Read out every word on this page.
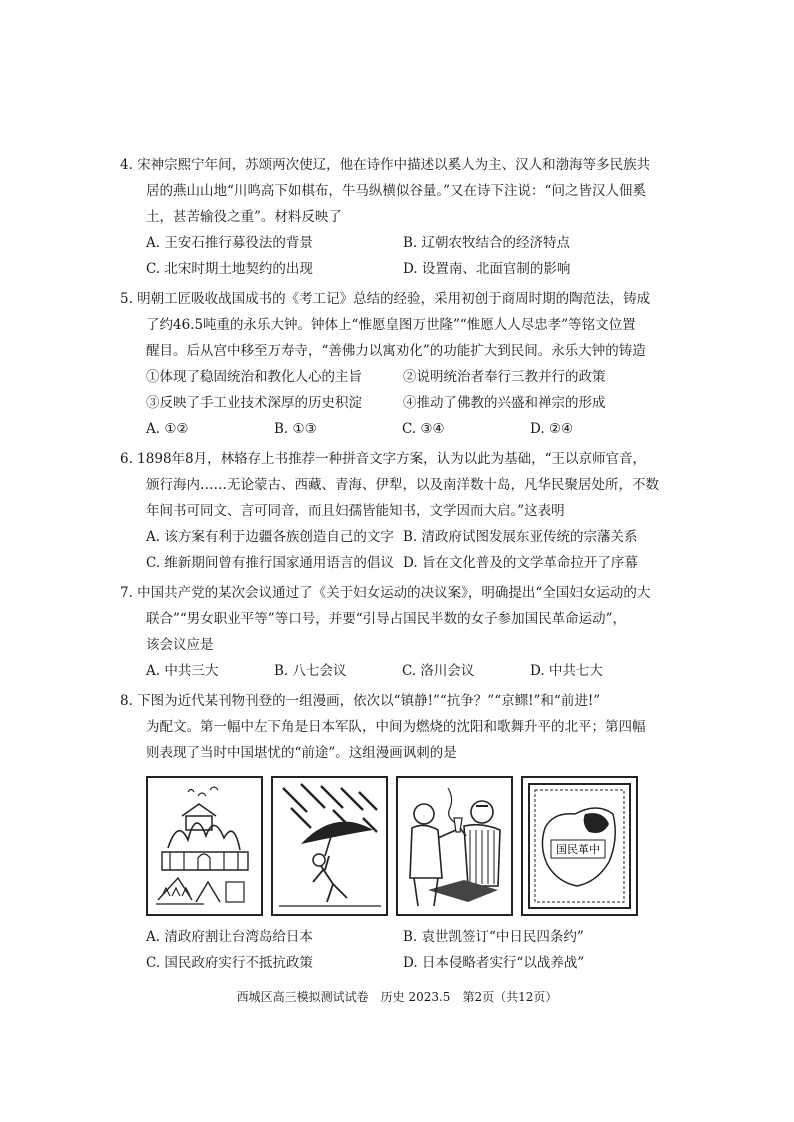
4. 宋神宗熙宁年间，苏颂两次使辽，他在诗作中描述以奚人为主、汉人和渤海等多民族共
居的燕山山地“川鸣高下如棋布，牛马纵横似谷量。”又在诗下注说：“问之皆汉人佃奚
土，甚苦输役之重”。材料反映了
A. 王安石推行募役法的背景	B. 辽朝农牧结合的经济特点
C. 北宋时期土地契约的出现	D. 设置南、北面官制的影响
5. 明朝工匠吸收战国成书的《考工记》总结的经验，采用初创于商周时期的陶范法，铸成
了约46.5吨重的永乐大钟。钟体上“惟愿皇图万世隆”“惟愿人人尽忠孝”等铭文位置
醒目。后从宫中移至万寿寺，“善佛力以寓劝化”的功能扩大到民间。永乐大钟的铸造
①体现了稳固统治和教化人心的主旨	②说明统治者奉行三教并行的政策
③反映了手工业技术深厚的历史积淀	④推动了佛教的兴盛和禅宗的形成
A. ①②	B. ①③	C. ③④	D. ②④
6. 1898年8月，林辂存上书推荐一种拼音文字方案，认为以此为基础，“王以京师官音，
颁行海内……无论蒙古、西藏、青海、伊犁，以及南洋数十岛，凡华民聚居处所，不数
年间书可同文、言可同音，而且妇孺皆能知书，文学因而大启。”这表明
A. 该方案有利于边疆各族创造自己的文字 B. 清政府试图发展东亚传统的宗藩关系
C. 维新期间曾有推行国家通用语言的倡议 D. 旨在文化普及的文学革命拉开了序幕
7. 中国共产党的某次会议通过了《关于妇女运动的决议案》，明确提出“全国妇女运动的大
联合”“男女职业平等”等口号，并要“引导占国民半数的女子参加国民革命运动”，
该会议应是
A. 中共三大	B. 八七会议	C. 洛川会议	D. 中共七大
8. 下图为近代某刊物刊登的一组漫画，依次以“镇静!”“抗争？”“京鳏!”和“前进!”
为配文。第一幅中左下角是日本军队，中间为燃烧的沈阳和歌舞升平的北平；第四幅
则表现了当时中国堪忧的“前途”。这组漫画讽刺的是
国民革中
A. 清政府割让台湾岛给日本	B. 袁世凯签订“中日民四条约”
C. 国民政府实行不抵抗政策	D. 日本侵略者实行“以战养战”
西城区高三模拟测试试卷　历史 2023.5　第2页（共12页）
